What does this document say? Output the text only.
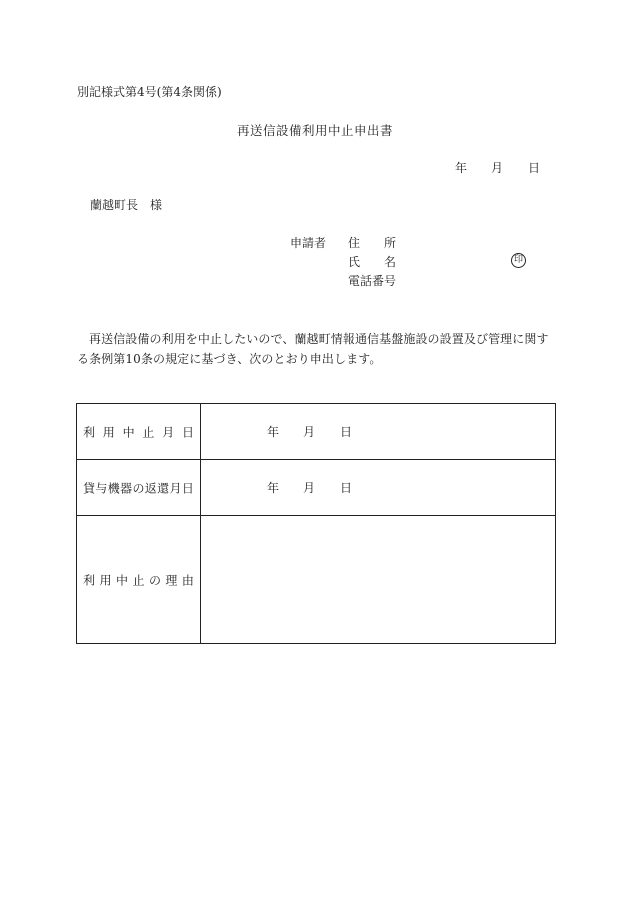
別記様式第4号(第4条関係)
再送信設備利用中止申出書
年 月 日
蘭越町長　様
申請者 住 所
氏 名	印
電話番号
再送信設備の利用を中止したいので、蘭越町情報通信基盤施設の設置及び管理に関する条例第10条の規定に基づき、次のとおり申出します。
利 用 中 止 月 日	年 月 日
貸 与 機 器 の 返 還 月 日	年 月 日
利 用 中 止 の 理 由
